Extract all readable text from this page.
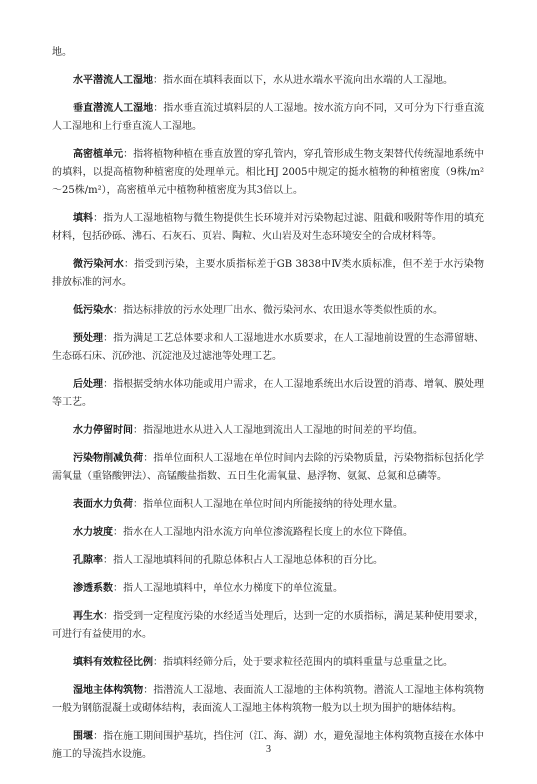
地。

水平潜流人工湿地：指水面在填料表面以下，水从进水端水平流向出水端的人工湿地。

垂直潜流人工湿地：指水垂直流过填料层的人工湿地。按水流方向不同，又可分为下行垂直流人工湿地和上行垂直流人工湿地。

高密植单元：指将植物种植在垂直放置的穿孔管内，穿孔管形成生物支架替代传统湿地系统中的填料，以提高植物种植密度的处理单元。相比HJ 2005中规定的挺水植物的种植密度（9株/m²～25株/m²），高密植单元中植物种植密度为其3倍以上。

填料：指为人工湿地植物与微生物提供生长环境并对污染物起过滤、阻截和吸附等作用的填充材料，包括砂砾、沸石、石灰石、页岩、陶粒、火山岩及对生态环境安全的合成材料等。

微污染河水：指受到污染，主要水质指标差于GB 3838中Ⅳ类水质标准，但不差于水污染物排放标准的河水。

低污染水：指达标排放的污水处理厂出水、微污染河水、农田退水等类似性质的水。

预处理：指为满足工艺总体要求和人工湿地进水水质要求，在人工湿地前设置的生态滞留塘、生态砾石床、沉砂池、沉淀池及过滤池等处理工艺。

后处理：指根据受纳水体功能或用户需求，在人工湿地系统出水后设置的消毒、增氧、膜处理等工艺。

水力停留时间：指湿地进水从进入人工湿地到流出人工湿地的时间差的平均值。

污染物削减负荷：指单位面积人工湿地在单位时间内去除的污染物质量，污染物指标包括化学需氧量（重铬酸钾法）、高锰酸盐指数、五日生化需氧量、悬浮物、氨氮、总氮和总磷等。

表面水力负荷：指单位面积人工湿地在单位时间内所能接纳的待处理水量。

水力坡度：指水在人工湿地内沿水流方向单位渗流路程长度上的水位下降值。

孔隙率：指人工湿地填料间的孔隙总体积占人工湿地总体积的百分比。

渗透系数：指人工湿地填料中，单位水力梯度下的单位流量。

再生水：指受到一定程度污染的水经适当处理后，达到一定的水质指标，满足某种使用要求，可进行有益使用的水。

填料有效粒径比例：指填料经筛分后，处于要求粒径范围内的填料重量与总重量之比。

湿地主体构筑物：指潜流人工湿地、表面流人工湿地的主体构筑物。潜流人工湿地主体构筑物一般为钢筋混凝土或砌体结构，表面流人工湿地主体构筑物一般为以土坝为围护的塘体结构。

围堰：指在施工期间围护基坑，挡住河（江、海、湖）水，避免湿地主体构筑物直接在水体中施工的导流挡水设施。	3
